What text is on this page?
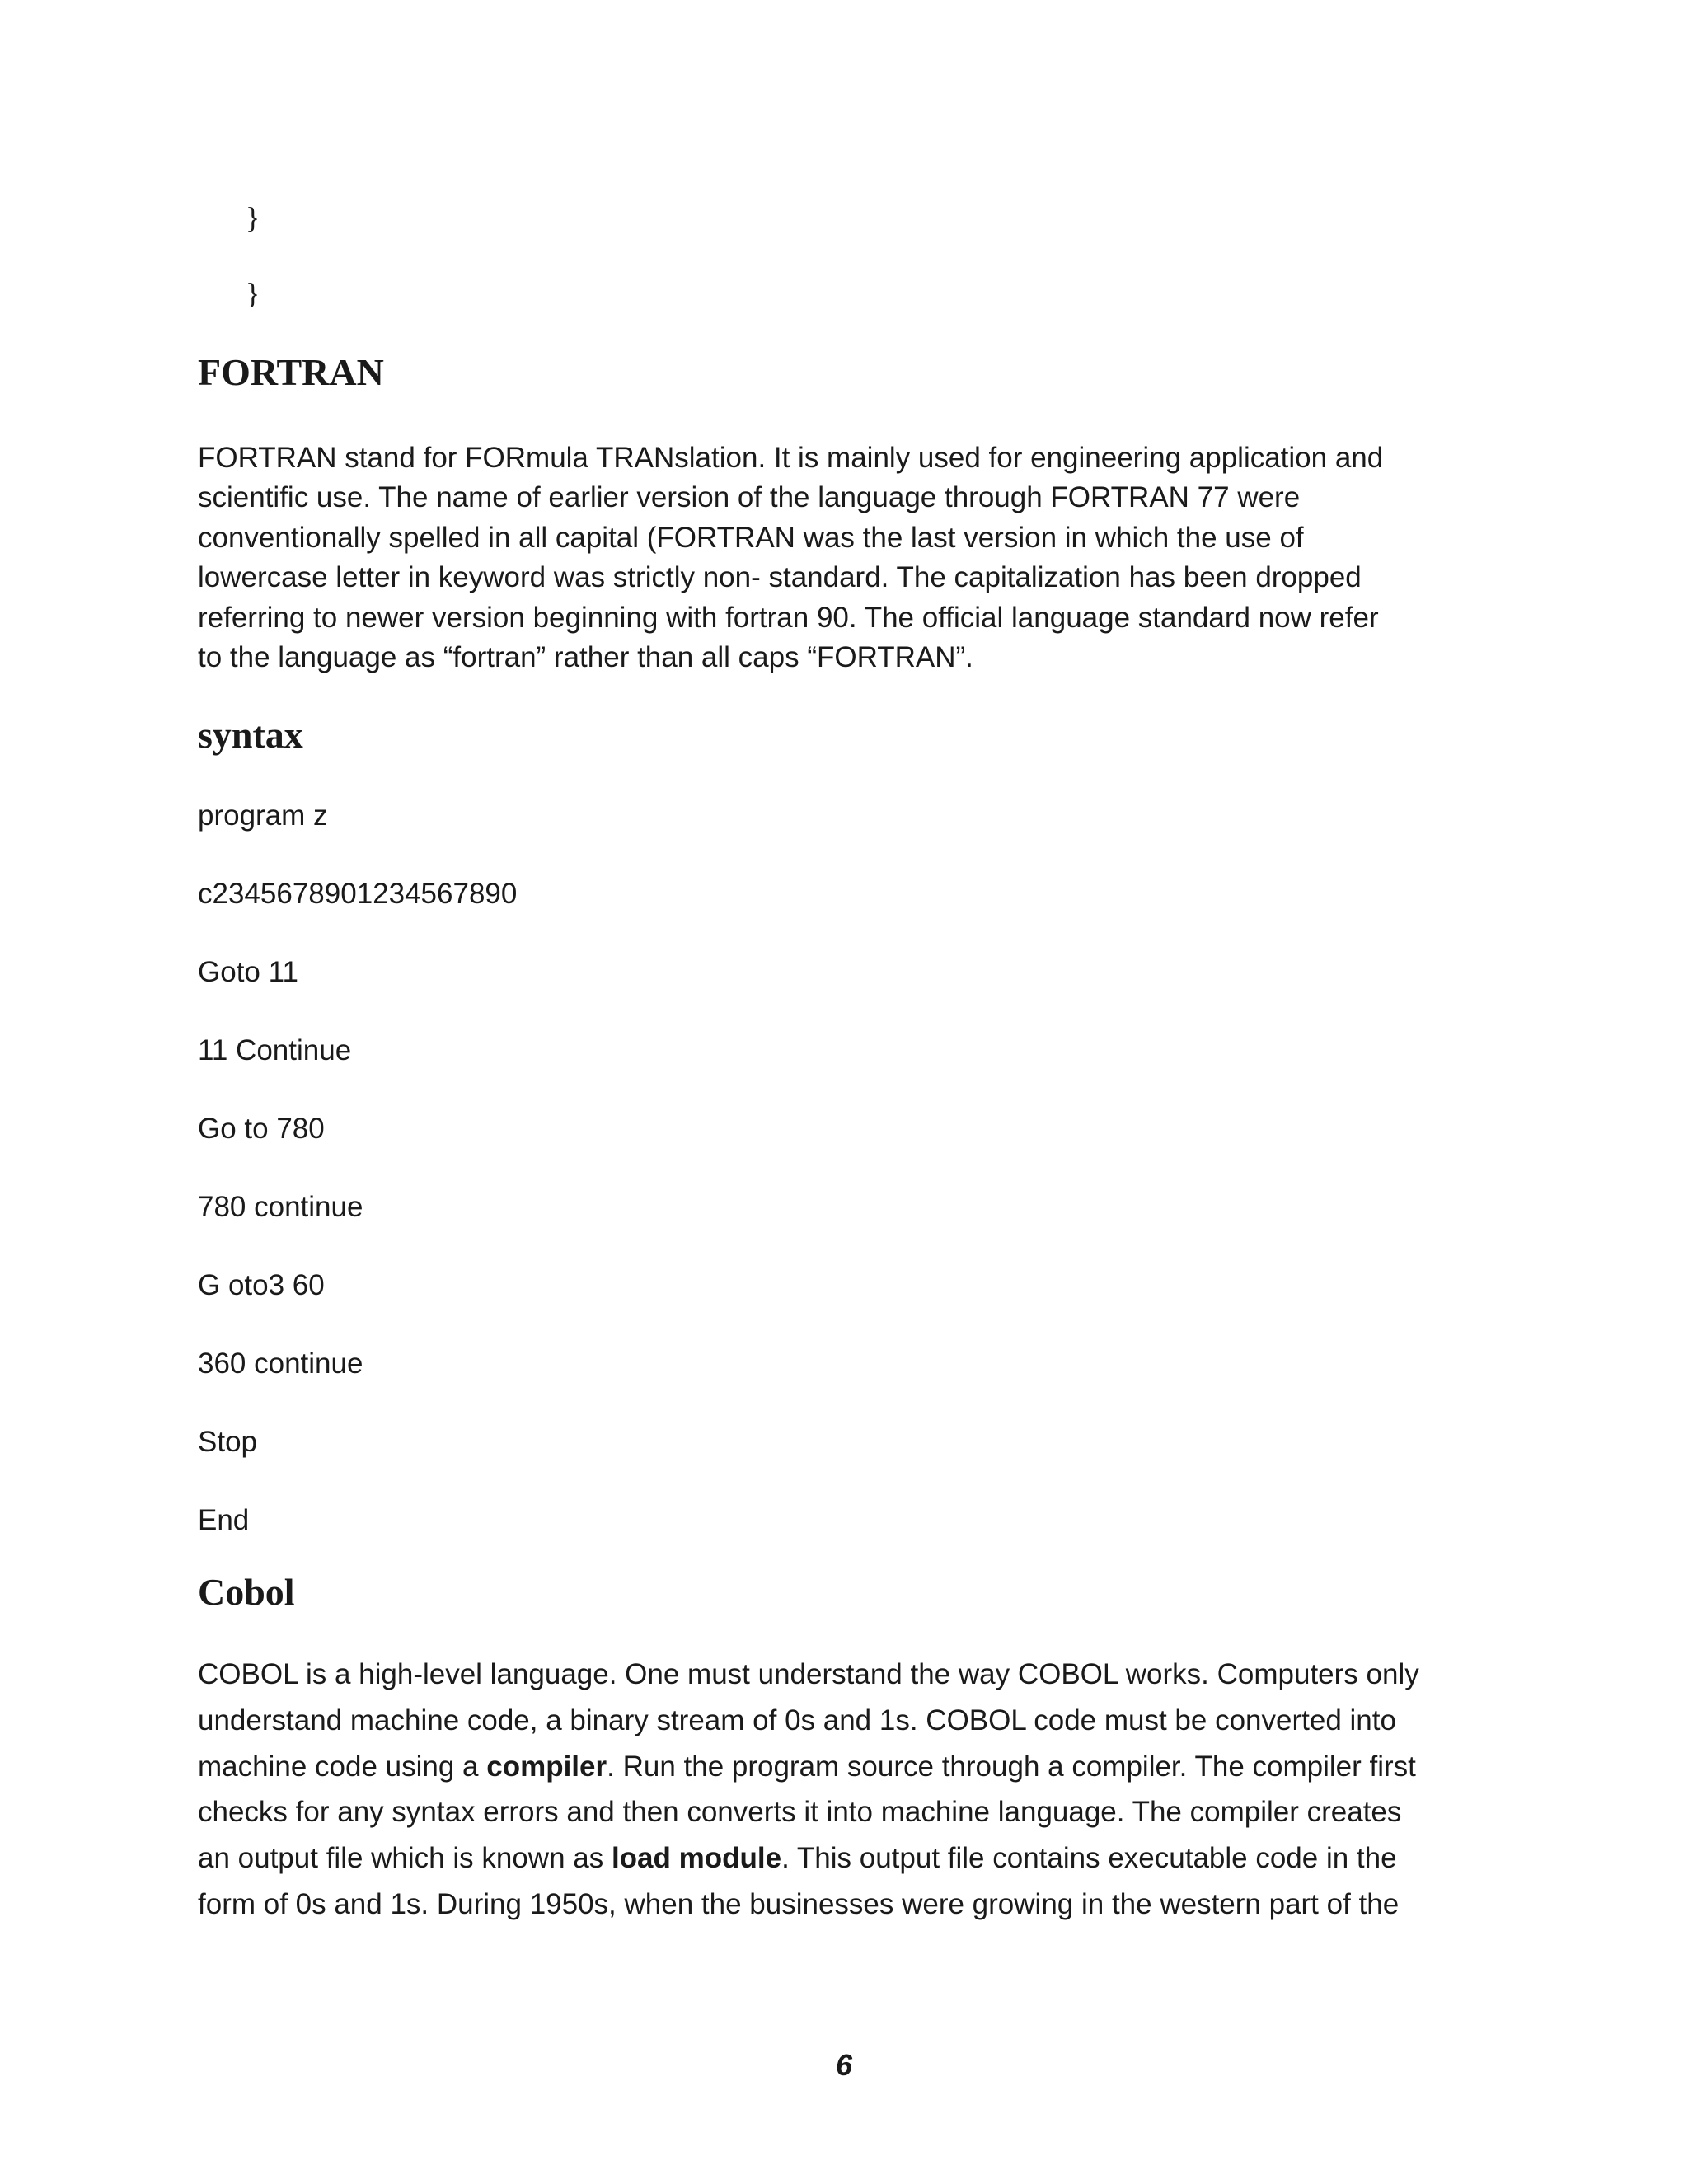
}
}
FORTRAN

FORTRAN stand for FORmula TRANslation. It is mainly used for engineering application and
scientific use. The name of earlier version of the language through FORTRAN 77 were
conventionally spelled in all capital (FORTRAN was the last version in which the use of
lowercase letter in keyword was strictly non- standard. The capitalization has been dropped
referring to newer version beginning with fortran 90. The official language standard now refer
to the language as “fortran” rather than all caps “FORTRAN”.

syntax
program z
c2345678901234567890
Goto 11
11 Continue
Go to 780
780 continue
G oto3 60
360 continue
Stop
End
Cobol

COBOL is a high-level language. One must understand the way COBOL works. Computers only
understand machine code, a binary stream of 0s and 1s. COBOL code must be converted into
machine code using a compiler. Run the program source through a compiler. The compiler first
checks for any syntax errors and then converts it into machine language. The compiler creates
an output file which is known as load module. This output file contains executable code in the
form of 0s and 1s. During 1950s, when the businesses were growing in the western part of the

6
